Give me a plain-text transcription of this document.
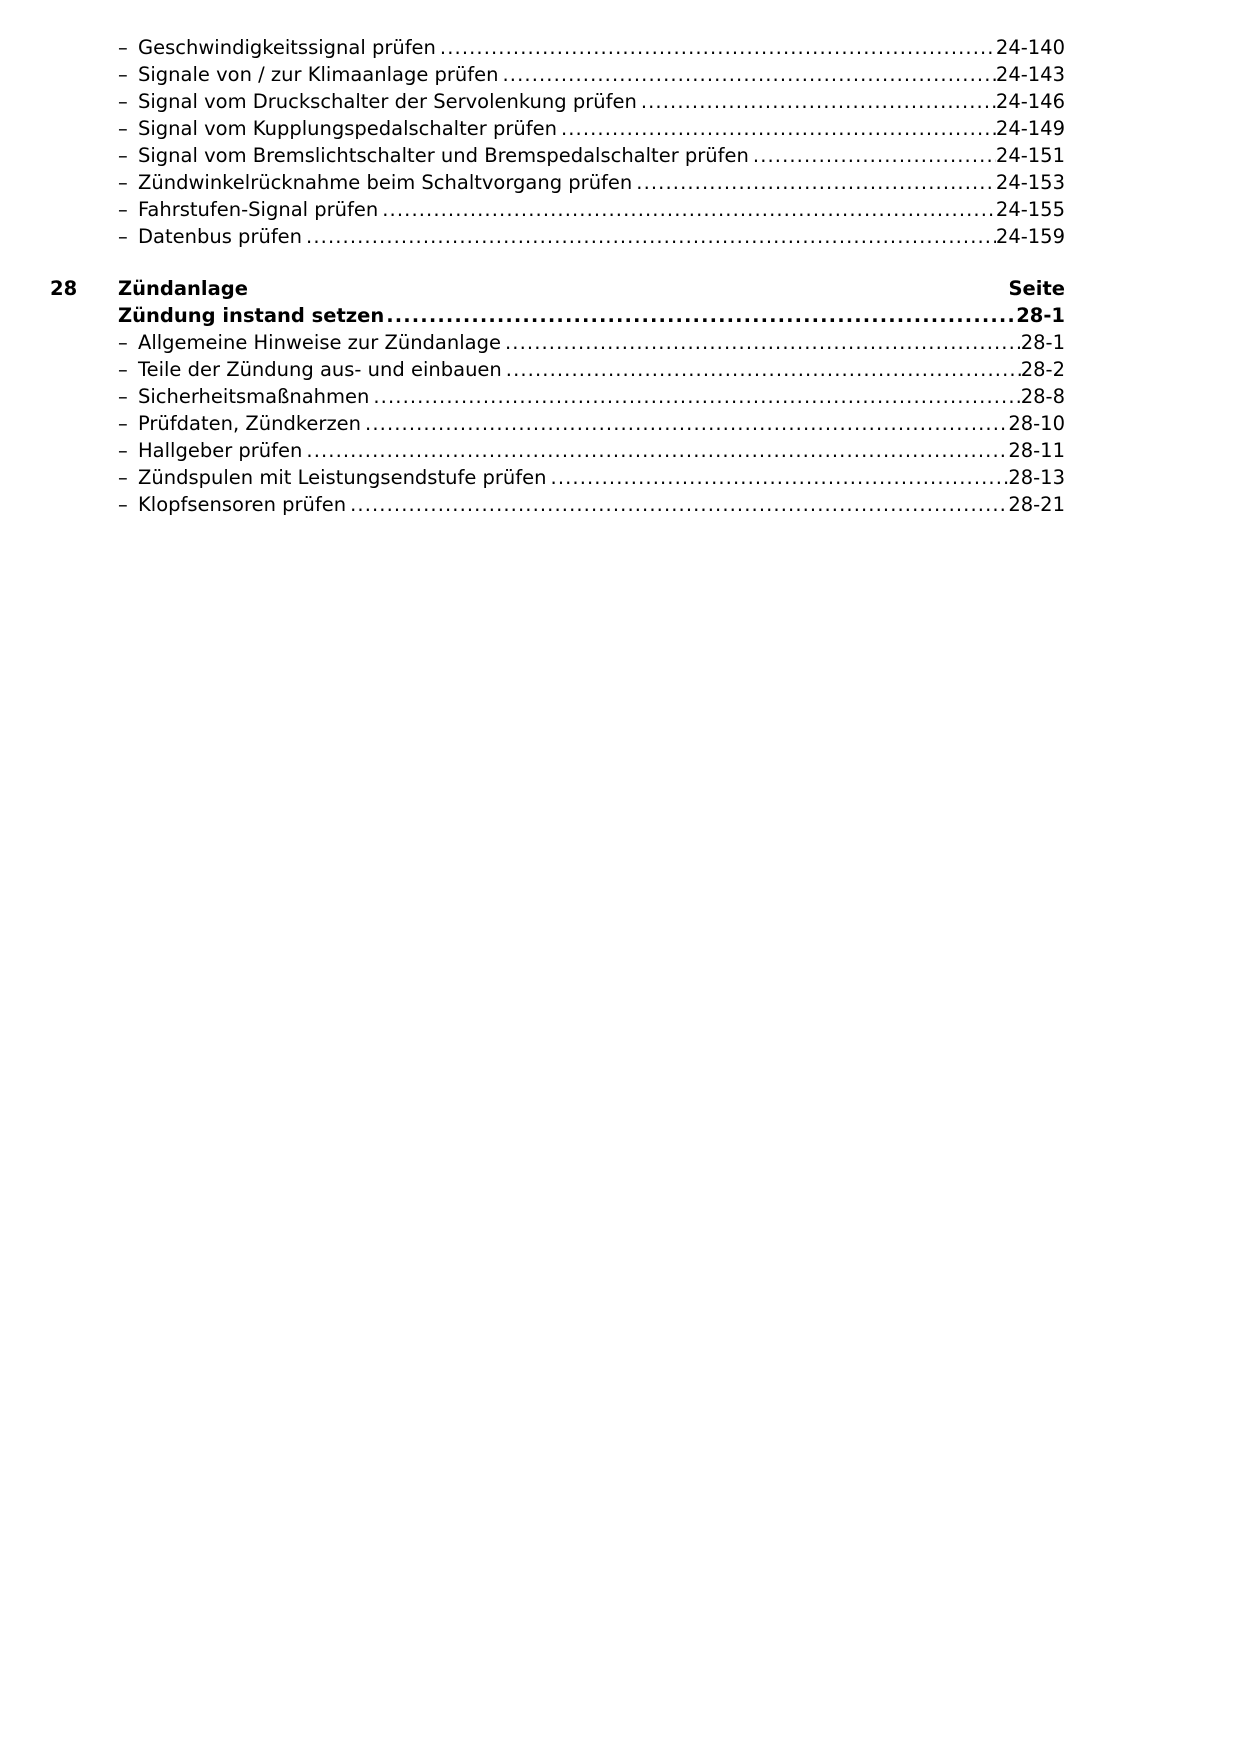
– Geschwindigkeitssignal prüfen .....	24-140
– Signale von / zur Klimaanlage prüfen .....	24-143
– Signal vom Druckschalter der Servolenkung prüfen .....	24-146
– Signal vom Kupplungspedalschalter prüfen .....	24-149
– Signal vom Bremslichtschalter und Bremspedalschalter prüfen .....	24-151
– Zündwinkelrücknahme beim Schaltvorgang prüfen .....	24-153
– Fahrstufen-Signal prüfen .....	24-155
– Datenbus prüfen .....	24-159
28	Zündanlage	Seite
Zündung instand setzen .....	28-1
– Allgemeine Hinweise zur Zündanlage .....	28-1
– Teile der Zündung aus- und einbauen .....	28-2
– Sicherheitsmaßnahmen .....	28-8
– Prüfdaten, Zündkerzen .....	28-10
– Hallgeber prüfen .....	28-11
– Zündspulen mit Leistungsendstufe prüfen .....	28-13
– Klopfsensoren prüfen .....	28-21
